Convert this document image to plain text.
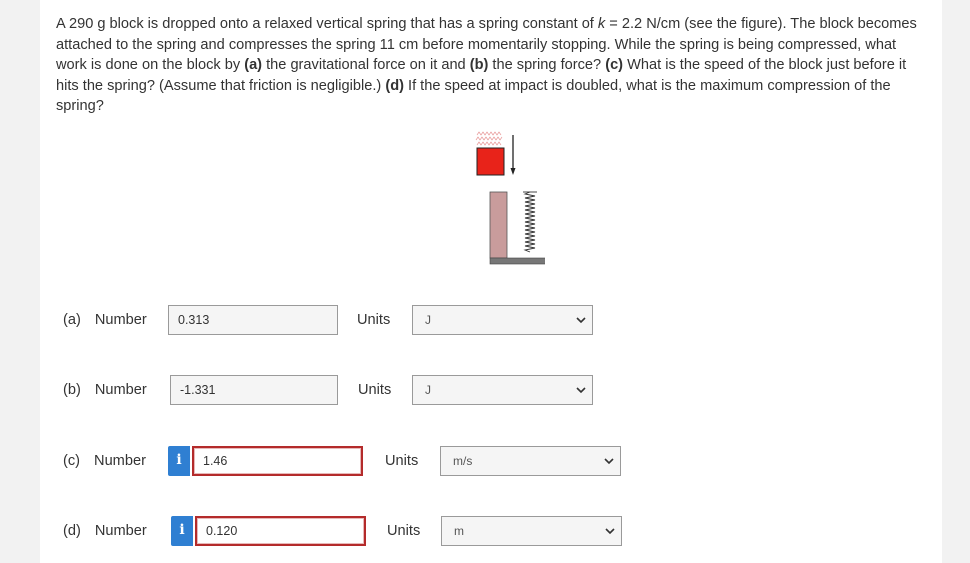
A 290 g block is dropped onto a relaxed vertical spring that has a spring constant of k = 2.2 N/cm (see the figure). The block becomes attached to the spring and compresses the spring 11 cm before momentarily stopping. While the spring is being compressed, what work is done on the block by (a) the gravitational force on it and (b) the spring force? (c) What is the speed of the block just before it hits the spring? (Assume that friction is negligible.) (d) If the speed at impact is doubled, what is the maximum compression of the spring?
(a) Number	0.313	Units	J
(b) Number	-1.331	Units	J
(c) Number	i	1.46	Units	m/s
(d) Number	i	0.120	Units	m
